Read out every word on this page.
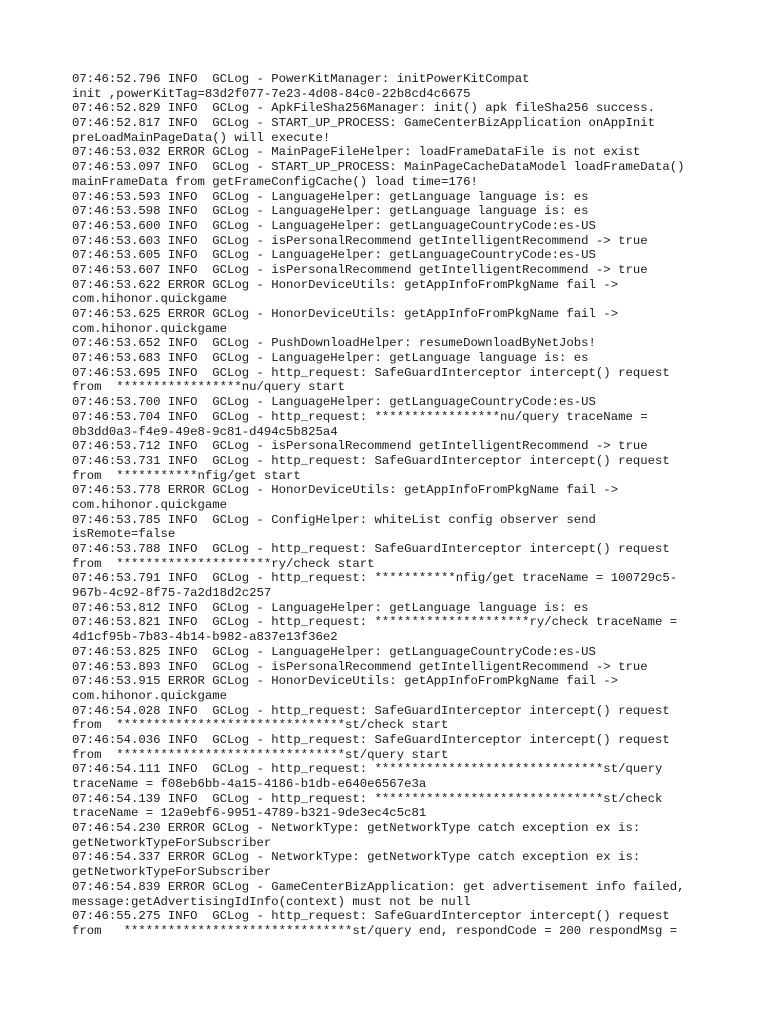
07:46:52.796 INFO  GCLog - PowerKitManager: initPowerKitCompat
init ,powerKitTag=83d2f077-7e23-4d08-84c0-22b8cd4c6675
07:46:52.829 INFO  GCLog - ApkFileSha256Manager: init() apk fileSha256 success.
07:46:52.817 INFO  GCLog - START_UP_PROCESS: GameCenterBizApplication onAppInit
preLoadMainPageData() will execute!
07:46:53.032 ERROR GCLog - MainPageFileHelper: loadFrameDataFile is not exist
07:46:53.097 INFO  GCLog - START_UP_PROCESS: MainPageCacheDataModel loadFrameData()
mainFrameData from getFrameConfigCache() load time=176!
07:46:53.593 INFO  GCLog - LanguageHelper: getLanguage language is: es
07:46:53.598 INFO  GCLog - LanguageHelper: getLanguage language is: es
07:46:53.600 INFO  GCLog - LanguageHelper: getLanguageCountryCode:es-US
07:46:53.603 INFO  GCLog - isPersonalRecommend getIntelligentRecommend -> true
07:46:53.605 INFO  GCLog - LanguageHelper: getLanguageCountryCode:es-US
07:46:53.607 INFO  GCLog - isPersonalRecommend getIntelligentRecommend -> true
07:46:53.622 ERROR GCLog - HonorDeviceUtils: getAppInfoFromPkgName fail ->
com.hihonor.quickgame
07:46:53.625 ERROR GCLog - HonorDeviceUtils: getAppInfoFromPkgName fail ->
com.hihonor.quickgame
07:46:53.652 INFO  GCLog - PushDownloadHelper: resumeDownloadByNetJobs!
07:46:53.683 INFO  GCLog - LanguageHelper: getLanguage language is: es
07:46:53.695 INFO  GCLog - http_request: SafeGuardInterceptor intercept() request
from  *****************nu/query start
07:46:53.700 INFO  GCLog - LanguageHelper: getLanguageCountryCode:es-US
07:46:53.704 INFO  GCLog - http_request: *****************nu/query traceName =
0b3dd0a3-f4e9-49e8-9c81-d494c5b825a4
07:46:53.712 INFO  GCLog - isPersonalRecommend getIntelligentRecommend -> true
07:46:53.731 INFO  GCLog - http_request: SafeGuardInterceptor intercept() request
from  ***********nfig/get start
07:46:53.778 ERROR GCLog - HonorDeviceUtils: getAppInfoFromPkgName fail ->
com.hihonor.quickgame
07:46:53.785 INFO  GCLog - ConfigHelper: whiteList config observer send
isRemote=false
07:46:53.788 INFO  GCLog - http_request: SafeGuardInterceptor intercept() request
from  *********************ry/check start
07:46:53.791 INFO  GCLog - http_request: ***********nfig/get traceName = 100729c5-
967b-4c92-8f75-7a2d18d2c257
07:46:53.812 INFO  GCLog - LanguageHelper: getLanguage language is: es
07:46:53.821 INFO  GCLog - http_request: *********************ry/check traceName =
4d1cf95b-7b83-4b14-b982-a837e13f36e2
07:46:53.825 INFO  GCLog - LanguageHelper: getLanguageCountryCode:es-US
07:46:53.893 INFO  GCLog - isPersonalRecommend getIntelligentRecommend -> true
07:46:53.915 ERROR GCLog - HonorDeviceUtils: getAppInfoFromPkgName fail ->
com.hihonor.quickgame
07:46:54.028 INFO  GCLog - http_request: SafeGuardInterceptor intercept() request
from  *******************************st/check start
07:46:54.036 INFO  GCLog - http_request: SafeGuardInterceptor intercept() request
from  *******************************st/query start
07:46:54.111 INFO  GCLog - http_request: *******************************st/query
traceName = f08eb6bb-4a15-4186-b1db-e640e6567e3a
07:46:54.139 INFO  GCLog - http_request: *******************************st/check
traceName = 12a9ebf6-9951-4789-b321-9de3ec4c5c81
07:46:54.230 ERROR GCLog - NetworkType: getNetworkType catch exception ex is:
getNetworkTypeForSubscriber
07:46:54.337 ERROR GCLog - NetworkType: getNetworkType catch exception ex is:
getNetworkTypeForSubscriber
07:46:54.839 ERROR GCLog - GameCenterBizApplication: get advertisement info failed,
message:getAdvertisingIdInfo(context) must not be null
07:46:55.275 INFO  GCLog - http_request: SafeGuardInterceptor intercept() request
from   *******************************st/query end, respondCode = 200 respondMsg =
